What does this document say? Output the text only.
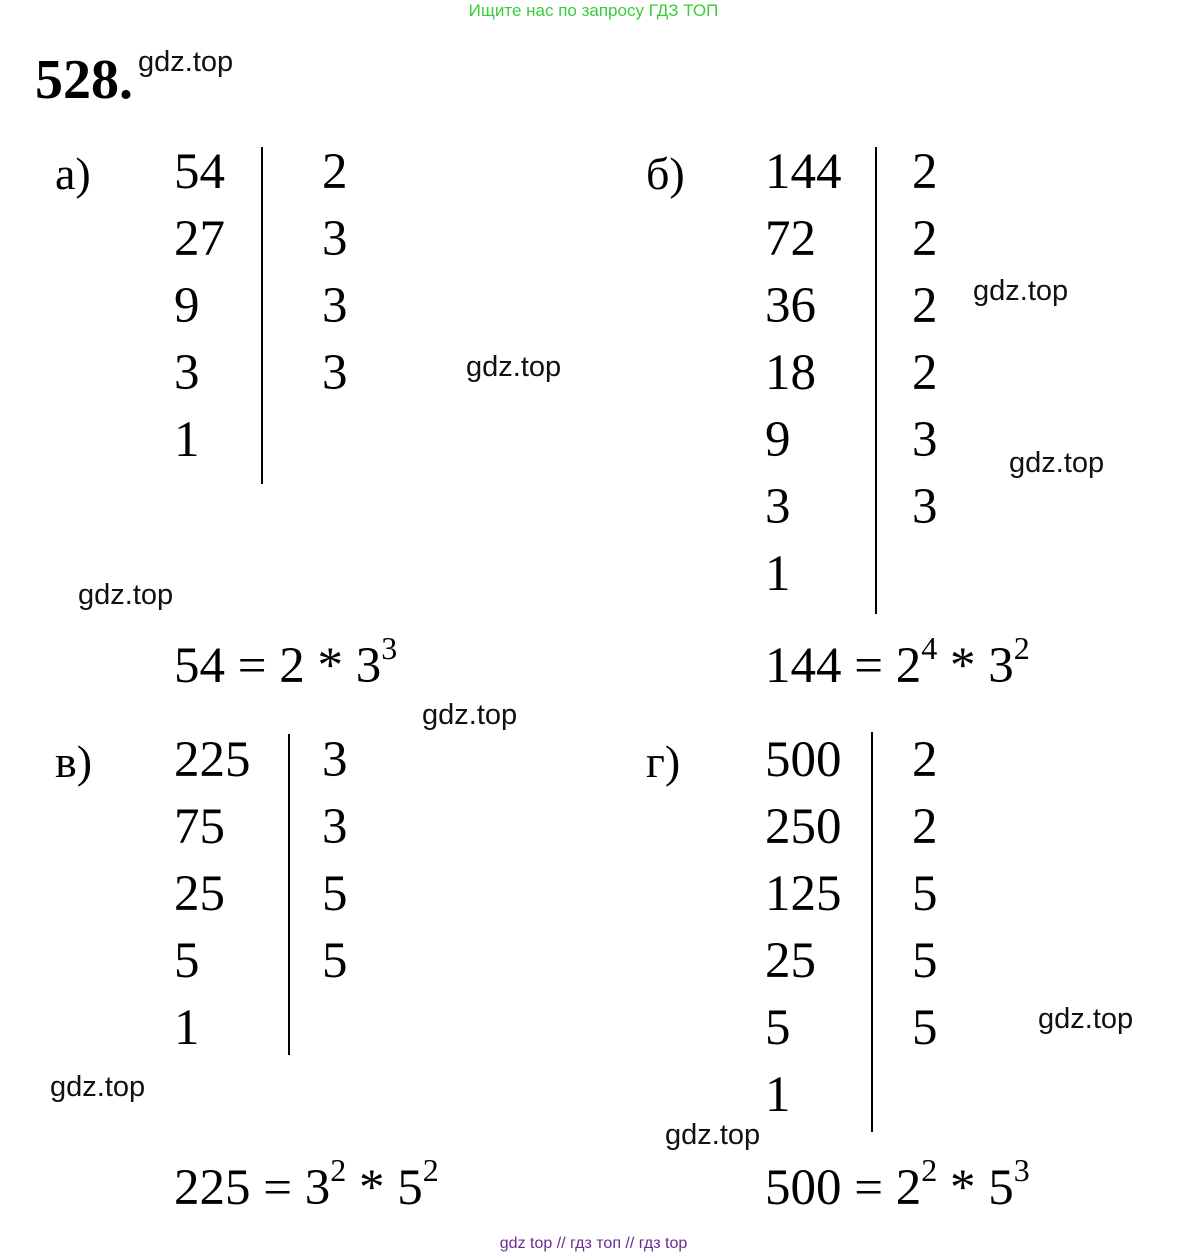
Ищите нас по запросу ГДЗ ТОП
528. gdz.top
gdz.top
gdz.top
gdz.top
gdz.top
gdz.top
gdz.top
gdz.top
gdz.top
а) 54
27
9
3
1
2
3
3
3
$54 = 2 * 3^3$
б) 144
72
36
18
9
3
1
2
2
2
2
3
3
$144 = 2^4 * 3^2$
в) 225
75
25
5
1
3
3
5
5
$225 = 3^2 * 5^2$
г) 500
250
125
25
5
1
2
2
5
5
5
$500 = 2^2 * 5^3$
gdz top // гдз топ // гдз top
